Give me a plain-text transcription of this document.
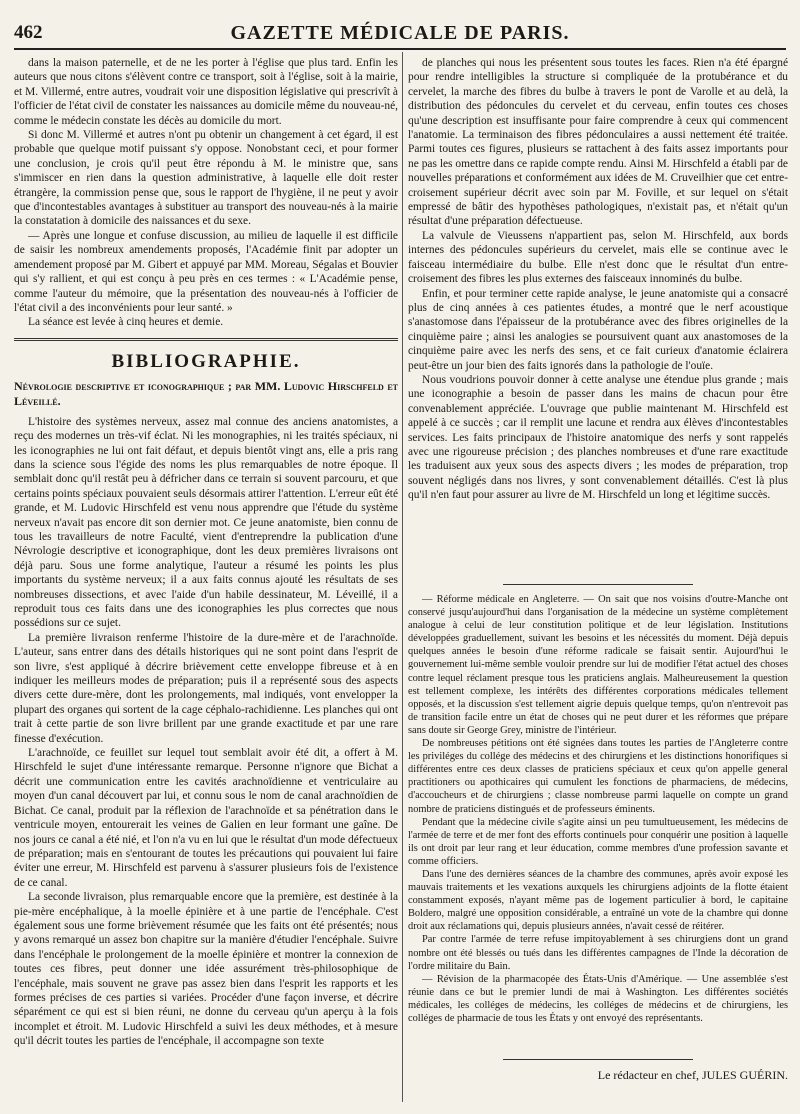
462	GAZETTE MÉDICALE DE PARIS.

dans la maison paternelle, et de ne les porter à l'église que plus tard. Enfin les auteurs que nous citons s'élèvent contre ce transport, soit à l'église, soit à la mairie, et M. Villermé, entre autres, voudrait voir une disposition législative qui prescrivît à l'officier de l'état civil de constater les naissances au domicile même du nouveau-né, comme le médecin constate les décès au domicile du mort.

Si donc M. Villermé et autres n'ont pu obtenir un changement à cet égard, il est probable que quelque motif puissant s'y oppose. Nonobstant ceci, et pour former une conclusion, je crois qu'il peut être répondu à M. le ministre que, sans s'immiscer en rien dans la question administrative, à laquelle elle doit rester étrangère, la commission pense que, sous le rapport de l'hygiène, il ne peut y avoir que d'incontestables avantages à substituer au transport des nouveau-nés à la mairie la constatation à domicile des naissances et du sexe.

— Après une longue et confuse discussion, au milieu de laquelle il est difficile de saisir les nombreux amendements proposés, l'Académie finit par adopter un amendement proposé par M. Gibert et appuyé par MM. Moreau, Ségalas et Bouvier qui s'y rallient, et qui est conçu à peu près en ces termes : « L'Académie pense, comme l'auteur du mémoire, que la présentation des nouveau-nés à l'officier de l'état civil a des inconvénients pour leur santé. »

La séance est levée à cinq heures et demie.

BIBLIOGRAPHIE.
Névrologie descriptive et iconographique ; par MM. Ludovic Hirschfeld et Léveillé.

L'histoire des systèmes nerveux, assez mal connue des anciens anatomistes, a reçu des modernes un très-vif éclat. Ni les monographies, ni les traités spéciaux, ni les iconographies ne lui ont fait défaut, et depuis bientôt vingt ans, elle a pris rang dans la science sous l'égide des noms les plus remarquables de notre époque. Il semblait donc qu'il restât peu à défricher dans ce terrain si souvent parcouru, et que certains points spéciaux pouvaient seuls désormais attirer l'attention. L'erreur eût été grande, et M. Ludovic Hirschfeld est venu nous apprendre que l'étude du système nerveux n'avait pas encore dit son dernier mot. Ce jeune anatomiste, bien connu de tous les travailleurs de notre Faculté, vient d'entreprendre la publication d'une Névrologie descriptive et iconographique, dont les deux premières livraisons ont déjà paru. Sous une forme analytique, l'auteur a résumé les points les plus importants du système nerveux; il a aux faits connus ajouté les résultats de ses nombreuses dissections, et avec l'aide d'un habile dessinateur, M. Léveillé, il a reproduit tous ces faits dans une des iconographies les plus correctes que nous possédions sur ce sujet.

La première livraison renferme l'histoire de la dure-mère et de l'arachnoïde. L'auteur, sans entrer dans des détails historiques qui ne sont point dans l'esprit de son livre, s'est appliqué à décrire brièvement cette enveloppe fibreuse et à en indiquer les meilleurs modes de préparation; puis il a représenté sous des aspects divers cette dure-mère, dont les prolongements, mal indiqués, vont envelopper la plupart des organes qui sortent de la cage céphalo-rachidienne. Les planches qui ont trait à cette partie de son livre brillent par une grande exactitude et par une rare finesse d'exécution.

L'arachnoïde, ce feuillet sur lequel tout semblait avoir été dit, a offert à M. Hirschfeld le sujet d'une intéressante remarque. Personne n'ignore que Bichat a décrit une communication entre les cavités arachnoïdienne et ventriculaire au moyen d'un canal découvert par lui, et connu sous le nom de canal arachnoïdien de Bichat. Ce canal, produit par la réflexion de l'arachnoïde et sa pénétration dans le ventricule moyen, entourerait les veines de Galien en leur formant une gaîne. De nos jours ce canal a été nié, et l'on n'a vu en lui que le résultat d'un mode défectueux de préparation; mais en s'entourant de toutes les précautions qui pouvaient lui faire éviter une erreur, M. Hirschfeld est parvenu à s'assurer plusieurs fois de l'existence de ce canal.

La seconde livraison, plus remarquable encore que la première, est destinée à la pie-mère encéphalique, à la moelle épinière et à une partie de l'encéphale. C'est également sous une forme brièvement résumée que les faits ont été présentés; nous y avons remarqué un assez bon chapitre sur la manière d'étudier l'encéphale. Suivre dans l'encéphale le prolongement de la moelle épinière et montrer la connexion de toutes ces fibres, peut donner une idée assurément très-philosophique de l'encéphale, mais souvent ne grave pas assez bien dans l'esprit les rapports et les formes précises de ces parties si variées. Procéder d'une façon inverse, et décrire séparément ce qui est si bien réuni, ne donne du cerveau qu'un aperçu à la fois incomplet et étroit. M. Ludovic Hirschfeld a suivi les deux méthodes, et à mesure qu'il décrit toutes les parties de l'encéphale, il accompagne son texte

de planches qui nous les présentent sous toutes les faces. Rien n'a été épargné pour rendre intelligibles la structure si compliquée de la protubérance et du cervelet, la marche des fibres du bulbe à travers le pont de Varolle et au delà, la distribution des pédoncules du cervelet et du cerveau, enfin toutes ces choses qu'une description est insuffisante pour faire comprendre à ceux qui commencent l'anatomie. La terminaison des fibres pédonculaires a aussi nettement été traitée. Parmi toutes ces figures, plusieurs se rattachent à des faits assez importants pour ne pas les omettre dans ce rapide compte rendu. Ainsi M. Hirschfeld a établi par de nouvelles préparations et conformément aux idées de M. Cruveilhier que cet entre-croisement supérieur décrit avec soin par M. Foville, et sur lequel on s'était empressé de bâtir des hypothèses pathologiques, n'existait pas, et n'était qu'un résultat d'une préparation défectueuse.

La valvule de Vieussens n'appartient pas, selon M. Hirschfeld, aux bords internes des pédoncules supérieurs du cervelet, mais elle se continue avec le faisceau intermédiaire du bulbe. Elle n'est donc que le résultat d'un entre-croisement des fibres les plus externes des faisceaux innominés du bulbe.

Enfin, et pour terminer cette rapide analyse, le jeune anatomiste qui a consacré plus de cinq années à ces patientes études, a montré que le nerf acoustique s'anastomose dans l'épaisseur de la protubérance avec des fibres originelles de la cinquième paire ; ainsi les analogies se poursuivent quant aux anastomoses de la cinquième paire avec les nerfs des sens, et ce fait curieux d'anatomie éclairera peut-être un jour bien des faits ignorés dans la pathologie de l'ouïe.

Nous voudrions pouvoir donner à cette analyse une étendue plus grande ; mais une iconographie a besoin de passer dans les mains de chacun pour être convenablement appréciée. L'ouvrage que publie maintenant M. Hirschfeld est appelé à ce succès ; car il remplit une lacune et rendra aux élèves d'incontestables services. Les faits principaux de l'histoire anatomique des nerfs y sont rappelés avec une rigoureuse précision ; des planches nombreuses et d'une rare exactitude les traduisent aux yeux sous des aspects divers ; les modes de préparation, trop souvent négligés dans nos livres, y sont convenablement détaillés. C'est là plus qu'il n'en faut pour assurer au livre de M. Hirschfeld un long et légitime succès.

— Réforme médicale en Angleterre. — On sait que nos voisins d'outre-Manche ont conservé jusqu'aujourd'hui dans l'organisation de la médecine un système complètement analogue à celui de leur constitution politique et de leur législation. Institutions développées graduellement, suivant les besoins et les nécessités du moment. Déjà depuis quelques années le besoin d'une réforme radicale se faisait sentir. Aujourd'hui le gouvernement lui-même semble vouloir prendre sur lui de modifier l'état actuel des choses contre lequel réclament presque tous les praticiens anglais. Malheureusement la question est tellement complexe, les intérêts des différentes corporations médicales tellement opposés, et la discussion s'est tellement aigrie depuis quelque temps, qu'on n'entrevoit pas de transition facile entre un état de choses qui ne peut durer et les réformes que prépare sans doute sir George Grey, ministre de l'intérieur.

De nombreuses pétitions ont été signées dans toutes les parties de l'Angleterre contre les priviléges du collége des médecins et des chirurgiens et les distinctions honorifiques si différentes entre ces deux classes de praticiens spéciaux et ceux qu'on appelle general practitioners ou apothicaires qui cumulent les fonctions de pharmaciens, de médecins, d'accoucheurs et de chirurgiens ; classe nombreuse parmi laquelle on compte un grand nombre de praticiens distingués et de professeurs éminents.

Pendant que la médecine civile s'agite ainsi un peu tumultueusement, les médecins de l'armée de terre et de mer font des efforts continuels pour conquérir une position à laquelle ils ont droit par leur rang et leur éducation, comme membres d'une profession savante et comme officiers.

Dans l'une des dernières séances de la chambre des communes, après avoir exposé les mauvais traitements et les vexations auxquels les chirurgiens adjoints de la flotte étaient constamment exposés, n'ayant même pas de logement particulier à bord, le capitaine Boldero, malgré une opposition considérable, a entraîné un vote de la chambre qui donne droit aux réclamations qui, depuis plusieurs années, n'avait cessé de réitérer.

Par contre l'armée de terre refuse impitoyablement à ses chirurgiens dont un grand nombre ont été blessés ou tués dans les différentes campagnes de l'Inde la décoration de l'ordre militaire du Bain.

— Révision de la pharmacopée des États-Unis d'Amérique. — Une assemblée s'est réunie dans ce but le premier lundi de mai à Washington. Les différentes sociétés médicales, les colléges de médecins, les colléges de médecins et de chirurgiens, les colléges de pharmacie de tous les États y ont envoyé des représentants.

Le rédacteur en chef, JULES GUÉRIN.
